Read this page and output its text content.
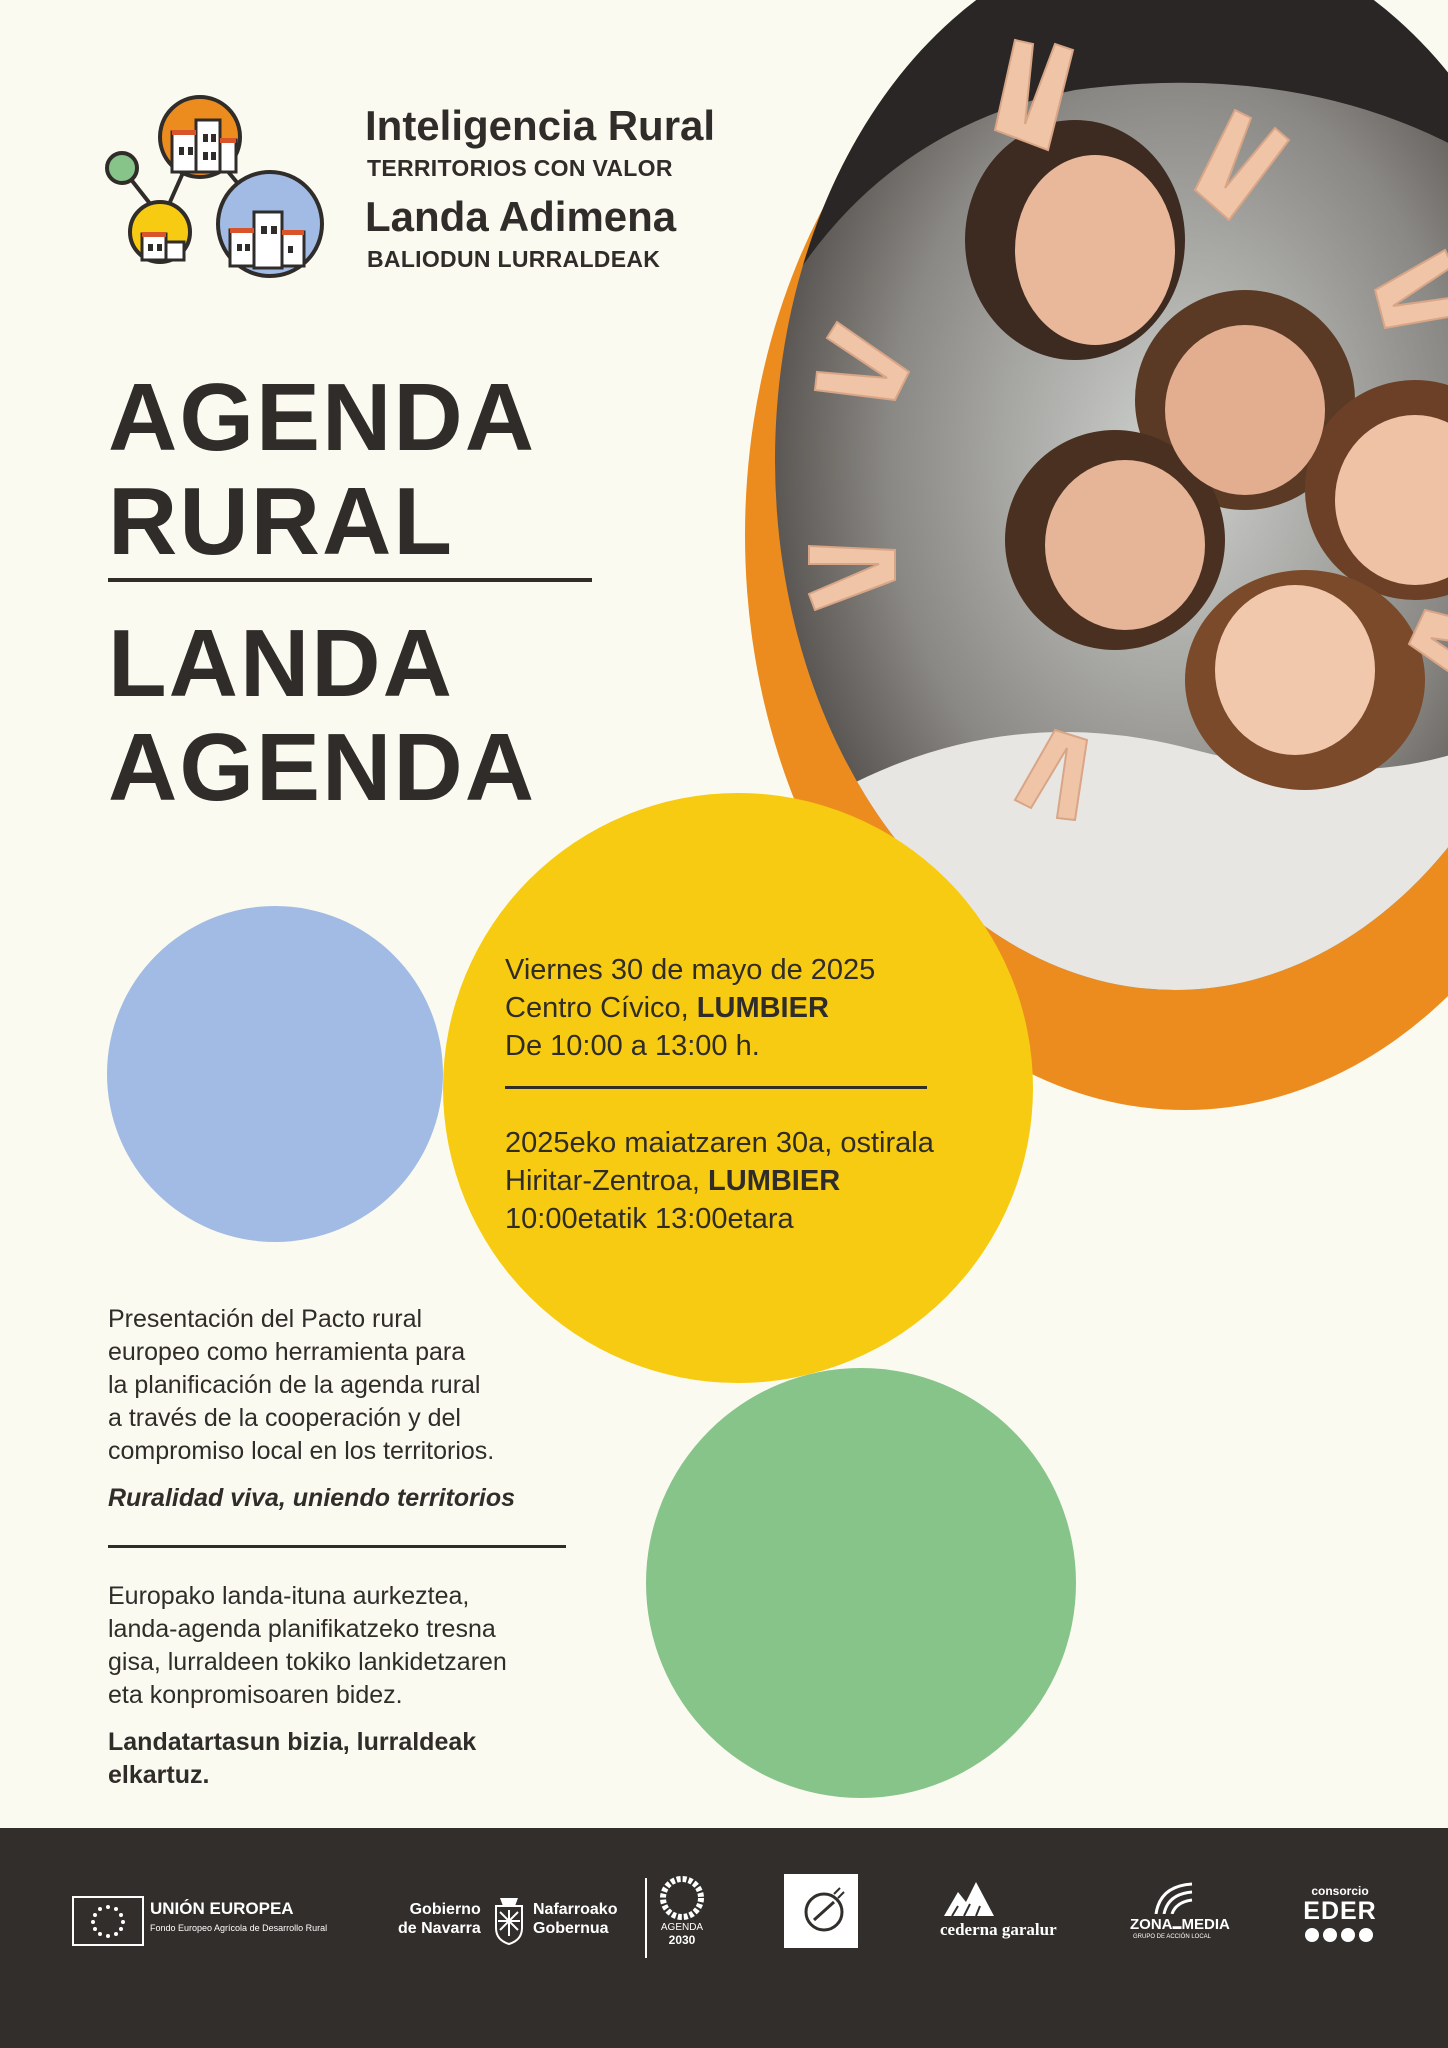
Inteligencia Rural
TERRITORIOS CON VALOR
Landa Adimena
BALIODUN LURRALDEAK
AGENDA
RURAL
LANDA
AGENDA
Viernes 30 de mayo de 2025
Centro Cívico, LUMBIER
De 10:00 a 13:00 h.
2025eko maiatzaren 30a, ostirala
Hiritar-Zentroa, LUMBIER
10:00etatik 13:00etara
Presentación del Pacto rural
europeo como herramienta para
la planificación de la agenda rural
a través de la cooperación y del
compromiso local en los territorios.
Ruralidad viva, uniendo territorios
Europako landa-ituna aurkeztea,
landa-agenda planifikatzeko tresna
gisa, lurraldeen tokiko lankidetzaren
eta konpromisoaren bidez.
Landatartasun bizia, lurraldeak
elkartuz.
UNIÓN EUROPEA
Fondo Europeo Agrícola de Desarrollo Rural
Gobierno
de Navarra
Nafarroako
Gobernua	AGENDA
2030
LEADER
cederna garalur	ZONA▬MEDIA
GRUPO DE ACCIÓN LOCAL
consorcio
EDER
